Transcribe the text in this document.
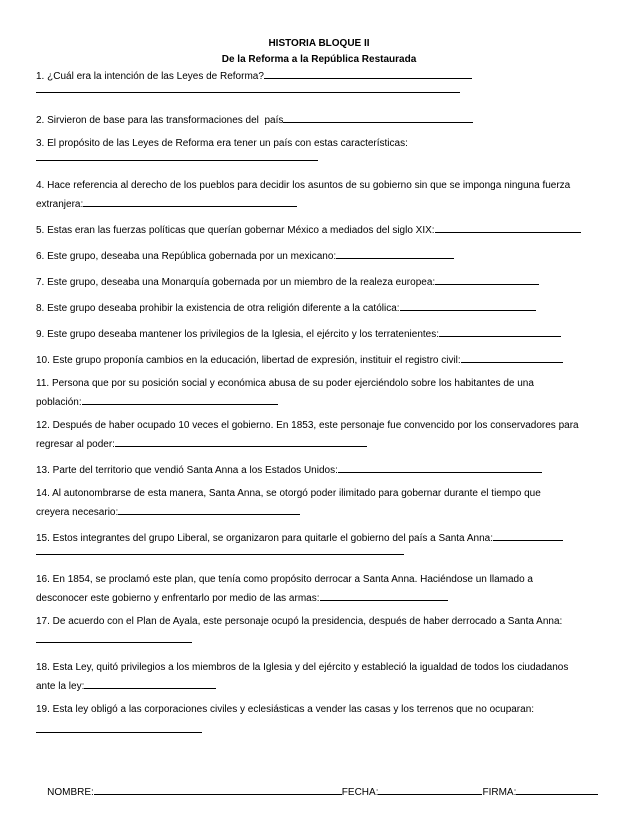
HISTORIA BLOQUE II
De la Reforma a la República Restaurada
1. ¿Cuál era la intención de las Leyes de Reforma?
2. Sirvieron de base para las transformaciones del  país
3. El propósito de las Leyes de Reforma era tener un país con estas características:
4. Hace referencia al derecho de los pueblos para decidir los asuntos de su gobierno sin que se imponga ninguna fuerza
extranjera:
5. Estas eran las fuerzas políticas que querían gobernar México a mediados del siglo XIX:
6. Este grupo, deseaba una República gobernada por un mexicano:
7. Este grupo, deseaba una Monarquía gobernada por un miembro de la realeza europea:
8. Este grupo deseaba prohibir la existencia de otra religión diferente a la católica:
9. Este grupo deseaba mantener los privilegios de la Iglesia, el ejército y los terratenientes:
10. Este grupo proponía cambios en la educación, libertad de expresión, instituir el registro civil:
11. Persona que por su posición social y económica abusa de su poder ejerciéndolo sobre los habitantes de una
población:
12. Después de haber ocupado 10 veces el gobierno. En 1853, este personaje fue convencido por los conservadores para
regresar al poder:
13. Parte del territorio que vendió Santa Anna a los Estados Unidos:
14. Al autonombrarse de esta manera, Santa Anna, se otorgó poder ilimitado para gobernar durante el tiempo que
creyera necesario:
15. Estos integrantes del grupo Liberal, se organizaron para quitarle el gobierno del país a Santa Anna:
16. En 1854, se proclamó este plan, que tenía como propósito derrocar a Santa Anna. Haciéndose un llamado a
desconocer este gobierno y enfrentarlo por medio de las armas:
17. De acuerdo con el Plan de Ayala, este personaje ocupó la presidencia, después de haber derrocado a Santa Anna:
18. Esta Ley, quitó privilegios a los miembros de la Iglesia y del ejército y estableció la igualdad de todos los ciudadanos
ante la ley:
19. Esta ley obligó a las corporaciones civiles y eclesiásticas a vender las casas y los terrenos que no ocuparan:

NOMBRE:	FECHA:	FIRMA:
